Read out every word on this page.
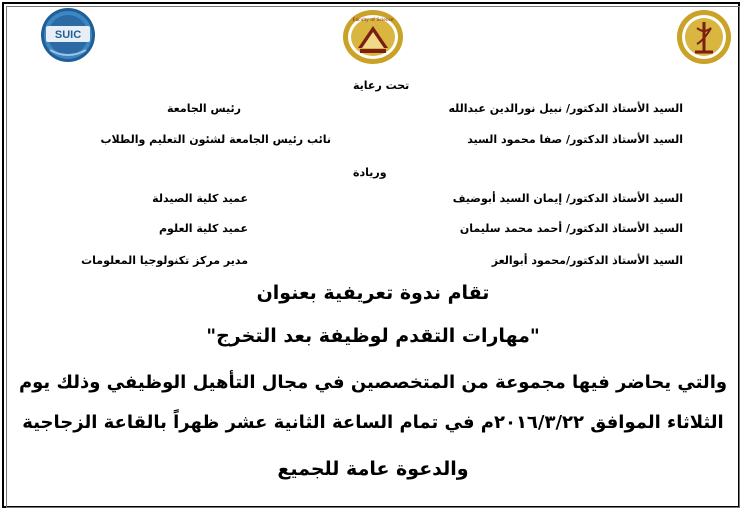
SUIC
Faculty of Science
تحت رعاية
السيد الأستاذ الدكتور/ نبيل نورالدين عبدالله
رئيس الجامعة
السيد الأستاذ الدكتور/ صفا محمود السيد
نائب رئيس الجامعة لشئون التعليم والطلاب
وريادة
السيد الأستاذ الدكتور/ إيمان السيد أبوضيف
عميد كلية الصيدلة
السيد الأستاذ الدكتور/ أحمد محمد سليمان
عميد كلية العلوم
السيد الأستاذ الدكتور/محمود أبوالعز
مدير مركز تكنولوجيا المعلومات
تقام ندوة تعريفية بعنوان
"مهارات التقدم لوظيفة بعد التخرج"
والتي يحاضر فيها مجموعة من المتخصصين في مجال التأهيل الوظيفي وذلك يوم
الثلاثاء الموافق ٢٠١٦/٣/٢٢م في تمام الساعة الثانية عشر ظهراً بالقاعة الزجاجية
والدعوة عامة للجميع
